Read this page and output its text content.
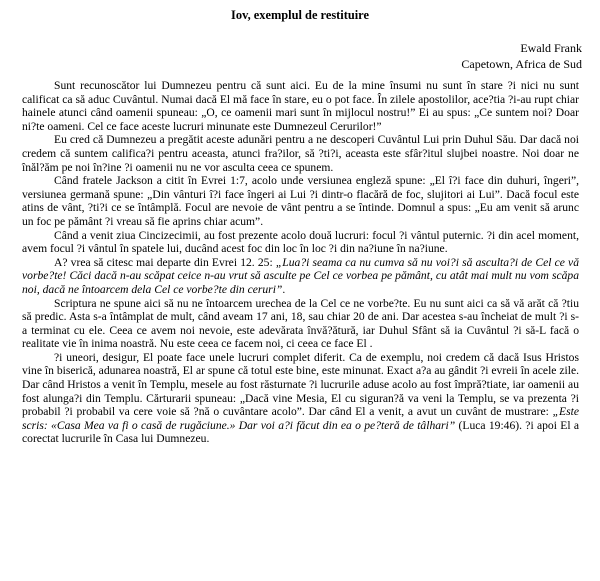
Iov, exemplul de restituire
Ewald Frank
Capetown, Africa de Sud

Sunt recunoscător lui Dumnezeu pentru că sunt aici. Eu de la mine însumi nu sunt în stare ?i nici nu sunt calificat ca să aduc Cuvântul. Numai dacă El mă face în stare, eu o pot face. În zilele apostolilor, ace?tia ?i-au rupt chiar hainele atunci când oamenii spuneau: „O, ce oamenii mari sunt în mijlocul nostru!” Ei au spus: „Ce suntem noi? Doar ni?te oameni. Cel ce face aceste lucruri minunate este Dumnezeul Cerurilor!”

Eu cred că Dumnezeu a pregătit aceste adunări pentru a ne descoperi Cuvântul Lui prin Duhul Său. Dar dacă noi credem că suntem califica?i pentru aceasta, atunci fra?ilor, să ?ti?i, aceasta este sfâr?itul slujbei noastre. Noi doar ne înăl?ăm pe noi în?ine ?i oamenii nu ne vor asculta ceea ce spunem.

Când fratele Jackson a citit în Evrei 1:7, acolo unde versiunea engleză spune: „El î?i face din duhuri, îngeri”, versiunea germană spune: „Din vânturi î?i face îngeri ai Lui ?i dintr-o flacără de foc, slujitori ai Lui”. Dacă focul este atins de vânt, ?ti?i ce se întâmplă. Focul are nevoie de vânt pentru a se întinde. Domnul a spus: „Eu am venit să arunc un foc pe pământ ?i vreau să fie aprins chiar acum”.

Când a venit ziua Cincizecimii, au fost prezente acolo două lucruri: focul ?i vântul puternic. ?i din acel moment, avem focul ?i vântul în spatele lui, ducând acest foc din loc în loc ?i din na?iune în na?iune.

A? vrea să citesc mai departe din Evrei 12. 25: „Lua?i seama ca nu cumva să nu voi?i să asculta?i de Cel ce vă vorbe?te! Căci dacă n-au scăpat ceice n-au vrut să asculte pe Cel ce vorbea pe pământ, cu atât mai mult nu vom scăpa noi, dacă ne întoarcem dela Cel ce vorbe?te din ceruri”.

Scriptura ne spune aici să nu ne întoarcem urechea de la Cel ce ne vorbe?te. Eu nu sunt aici ca să vă arăt că ?tiu să predic. Asta s-a întâmplat de mult, când aveam 17 ani, 18, sau chiar 20 de ani. Dar acestea s-au încheiat de mult ?i s-a terminat cu ele. Ceea ce avem noi nevoie, este adevărata învă?ătură, iar Duhul Sfânt să ia Cuvântul ?i să-L facă o realitate vie în inima noastră. Nu este ceea ce facem noi, ci ceea ce face El .

?i uneori, desigur, El poate face unele lucruri complet diferit. Ca de exemplu, noi credem că dacă Isus Hristos vine în biserică, adunarea noastră, El ar spune că totul este bine, este minunat. Exact a?a au gândit ?i evreii în acele zile. Dar când Hristos a venit în Templu, mesele au fost răsturnate ?i lucrurile aduse acolo au fost împră?tiate, iar oamenii au fost alunga?i din Templu. Cărturarii spuneau: „Dacă vine Mesia, El cu siguran?ă va veni la Templu, se va prezenta ?i probabil ?i probabil va cere voie să ?nă o cuvântare acolo”. Dar când El a venit, a avut un cuvânt de mustrare: „Este scris: «Casa Mea va fi o casă de rugăciune.» Dar voi a?i făcut din ea o pe?teră de tâlhari” (Luca 19:46). ?i apoi El a corectat lucrurile în Casa lui Dumnezeu.
